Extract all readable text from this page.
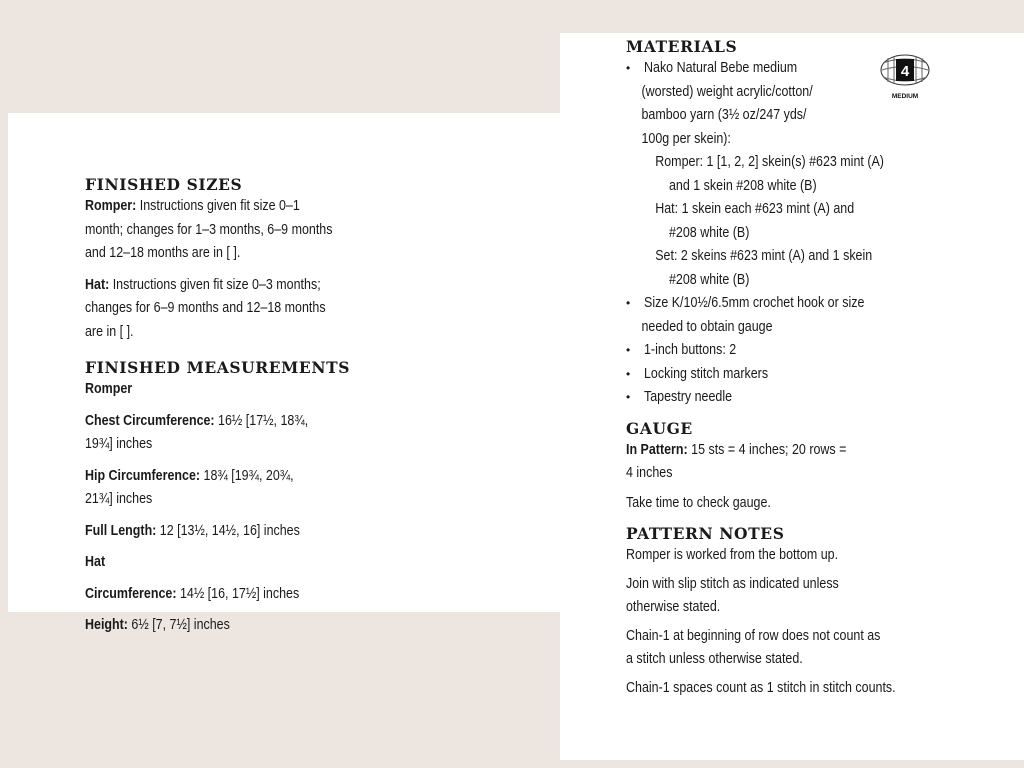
FINISHED SIZES

Romper: Instructions given fit size 0–1

month; changes for 1–3 months, 6–9 months

and 12–18 months are in [ ].

Hat: Instructions given fit size 0–3 months;

changes for 6–9 months and 12–18 months

are in [ ].

FINISHED MEASUREMENTS

Romper

Chest Circumference: 16½ [17½, 18¾,

19¾] inches

Hip Circumference: 18¾ [19¾, 20¾,

21¾] inches

Full Length: 12 [13½, 14½, 16] inches

Hat

Circumference: 14½ [16, 17½] inches

Height: 6½ [7, 7½] inches

MATERIALS
4
MEDIUM
• Nako Natural Bebe medium

(worsted) weight acrylic/cotton/

bamboo yarn (3½ oz/247 yds/

100g per skein):

Romper: 1 [1, 2, 2] skein(s) #623 mint (A)

and 1 skein #208 white (B)

Hat: 1 skein each #623 mint (A) and

#208 white (B)

Set: 2 skeins #623 mint (A) and 1 skein

#208 white (B)

• Size K/10½/6.5mm crochet hook or size

needed to obtain gauge

• 1-inch buttons: 2

• Locking stitch markers

• Tapestry needle

GAUGE

In Pattern: 15 sts = 4 inches; 20 rows =

4 inches

Take time to check gauge.

PATTERN NOTES

Romper is worked from the bottom up.

Join with slip stitch as indicated unless

otherwise stated.

Chain-1 at beginning of row does not count as

a stitch unless otherwise stated.

Chain-1 spaces count as 1 stitch in stitch counts.
